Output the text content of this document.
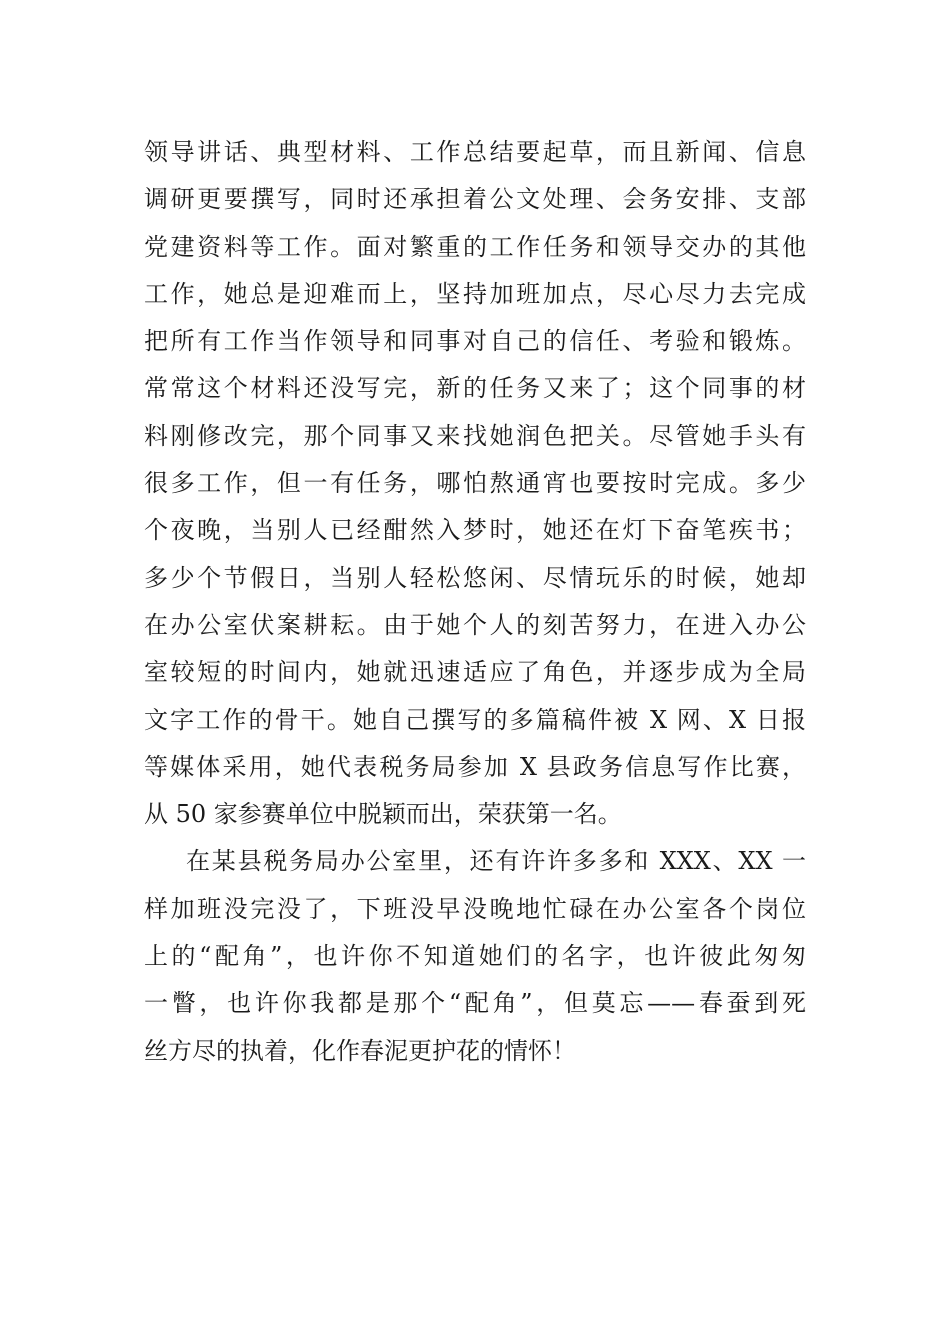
领导讲话、典型材料、工作总结要起草，而且新闻、信息
调研更要撰写，同时还承担着公文处理、会务安排、支部
党建资料等工作。面对繁重的工作任务和领导交办的其他
工作，她总是迎难而上，坚持加班加点，尽心尽力去完成
把所有工作当作领导和同事对自己的信任、考验和锻炼。
常常这个材料还没写完，新的任务又来了；这个同事的材
料刚修改完，那个同事又来找她润色把关。尽管她手头有
很多工作，但一有任务，哪怕熬通宵也要按时完成。多少
个夜晚，当别人已经酣然入梦时，她还在灯下奋笔疾书；
多少个节假日，当别人轻松悠闲、尽情玩乐的时候，她却
在办公室伏案耕耘。由于她个人的刻苦努力，在进入办公
室较短的时间内，她就迅速适应了角色，并逐步成为全局
文字工作的骨干。她自己撰写的多篇稿件被 X 网、X 日报
等媒体采用，她代表税务局参加 X 县政务信息写作比赛，
从 50 家参赛单位中脱颖而出，荣获第一名。
在某县税务局办公室里，还有许许多多和 XXX、XX 一
样加班没完没了，下班没早没晚地忙碌在办公室各个岗位
上的“配角”，也许你不知道她们的名字，也许彼此匆匆
一瞥，也许你我都是那个“配角”，但莫忘——春蚕到死
丝方尽的执着，化作春泥更护花的情怀！
